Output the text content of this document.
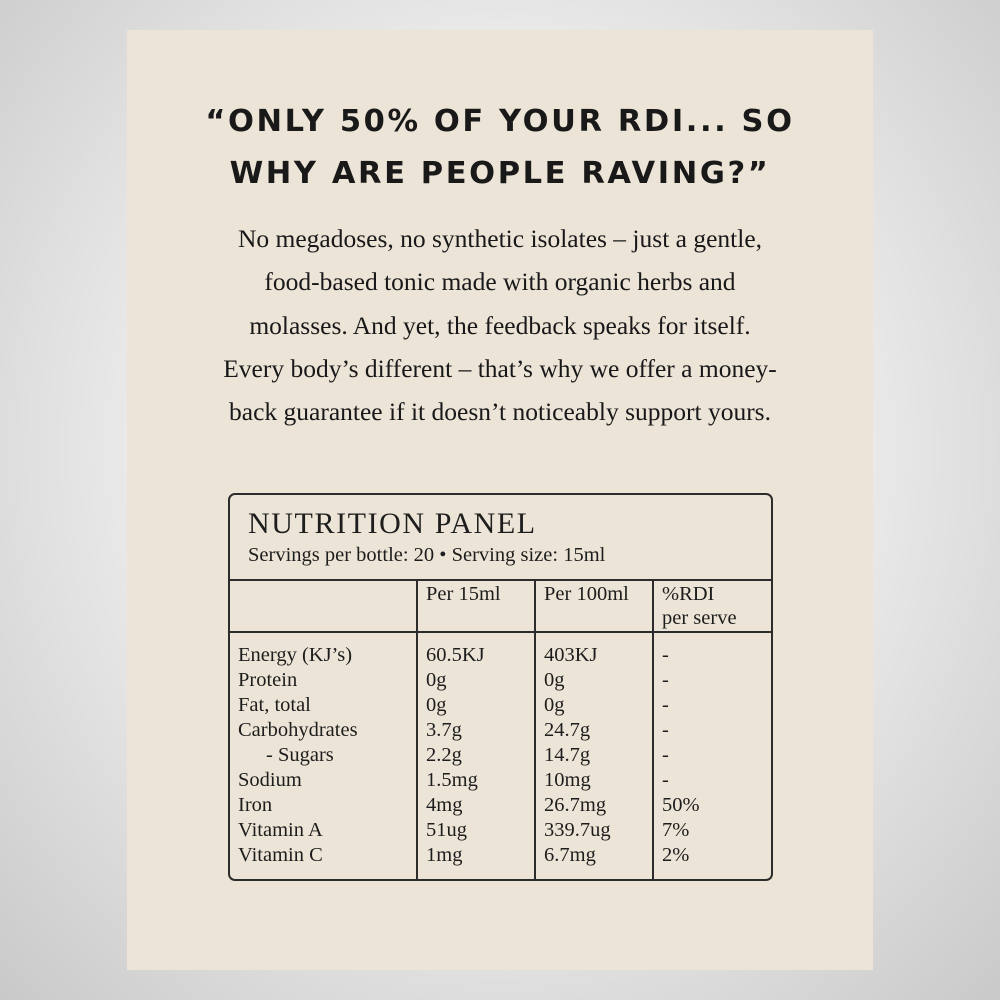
“ONLY 50% OF YOUR RDI... SO WHY ARE PEOPLE RAVING?”

No megadoses, no synthetic isolates – just a gentle, food-based tonic made with organic herbs and molasses. And yet, the feedback speaks for itself. Every body’s different – that’s why we offer a money-back guarantee if it doesn’t noticeably support yours.

NUTRITION PANEL
Servings per bottle: 20 • Serving size: 15ml
	Per 15ml	Per 100ml	%RDI
per serve
Energy (KJ’s)	60.5KJ	403KJ	-
Protein	0g	0g	-
Fat, total	0g	0g	-
Carbohydrates	3.7g	24.7g	-
- Sugars	2.2g	14.7g	-
Sodium	1.5mg	10mg	-
Iron	4mg	26.7mg	50%
Vitamin A	51ug	339.7ug	7%
Vitamin C	1mg	6.7mg	2%
